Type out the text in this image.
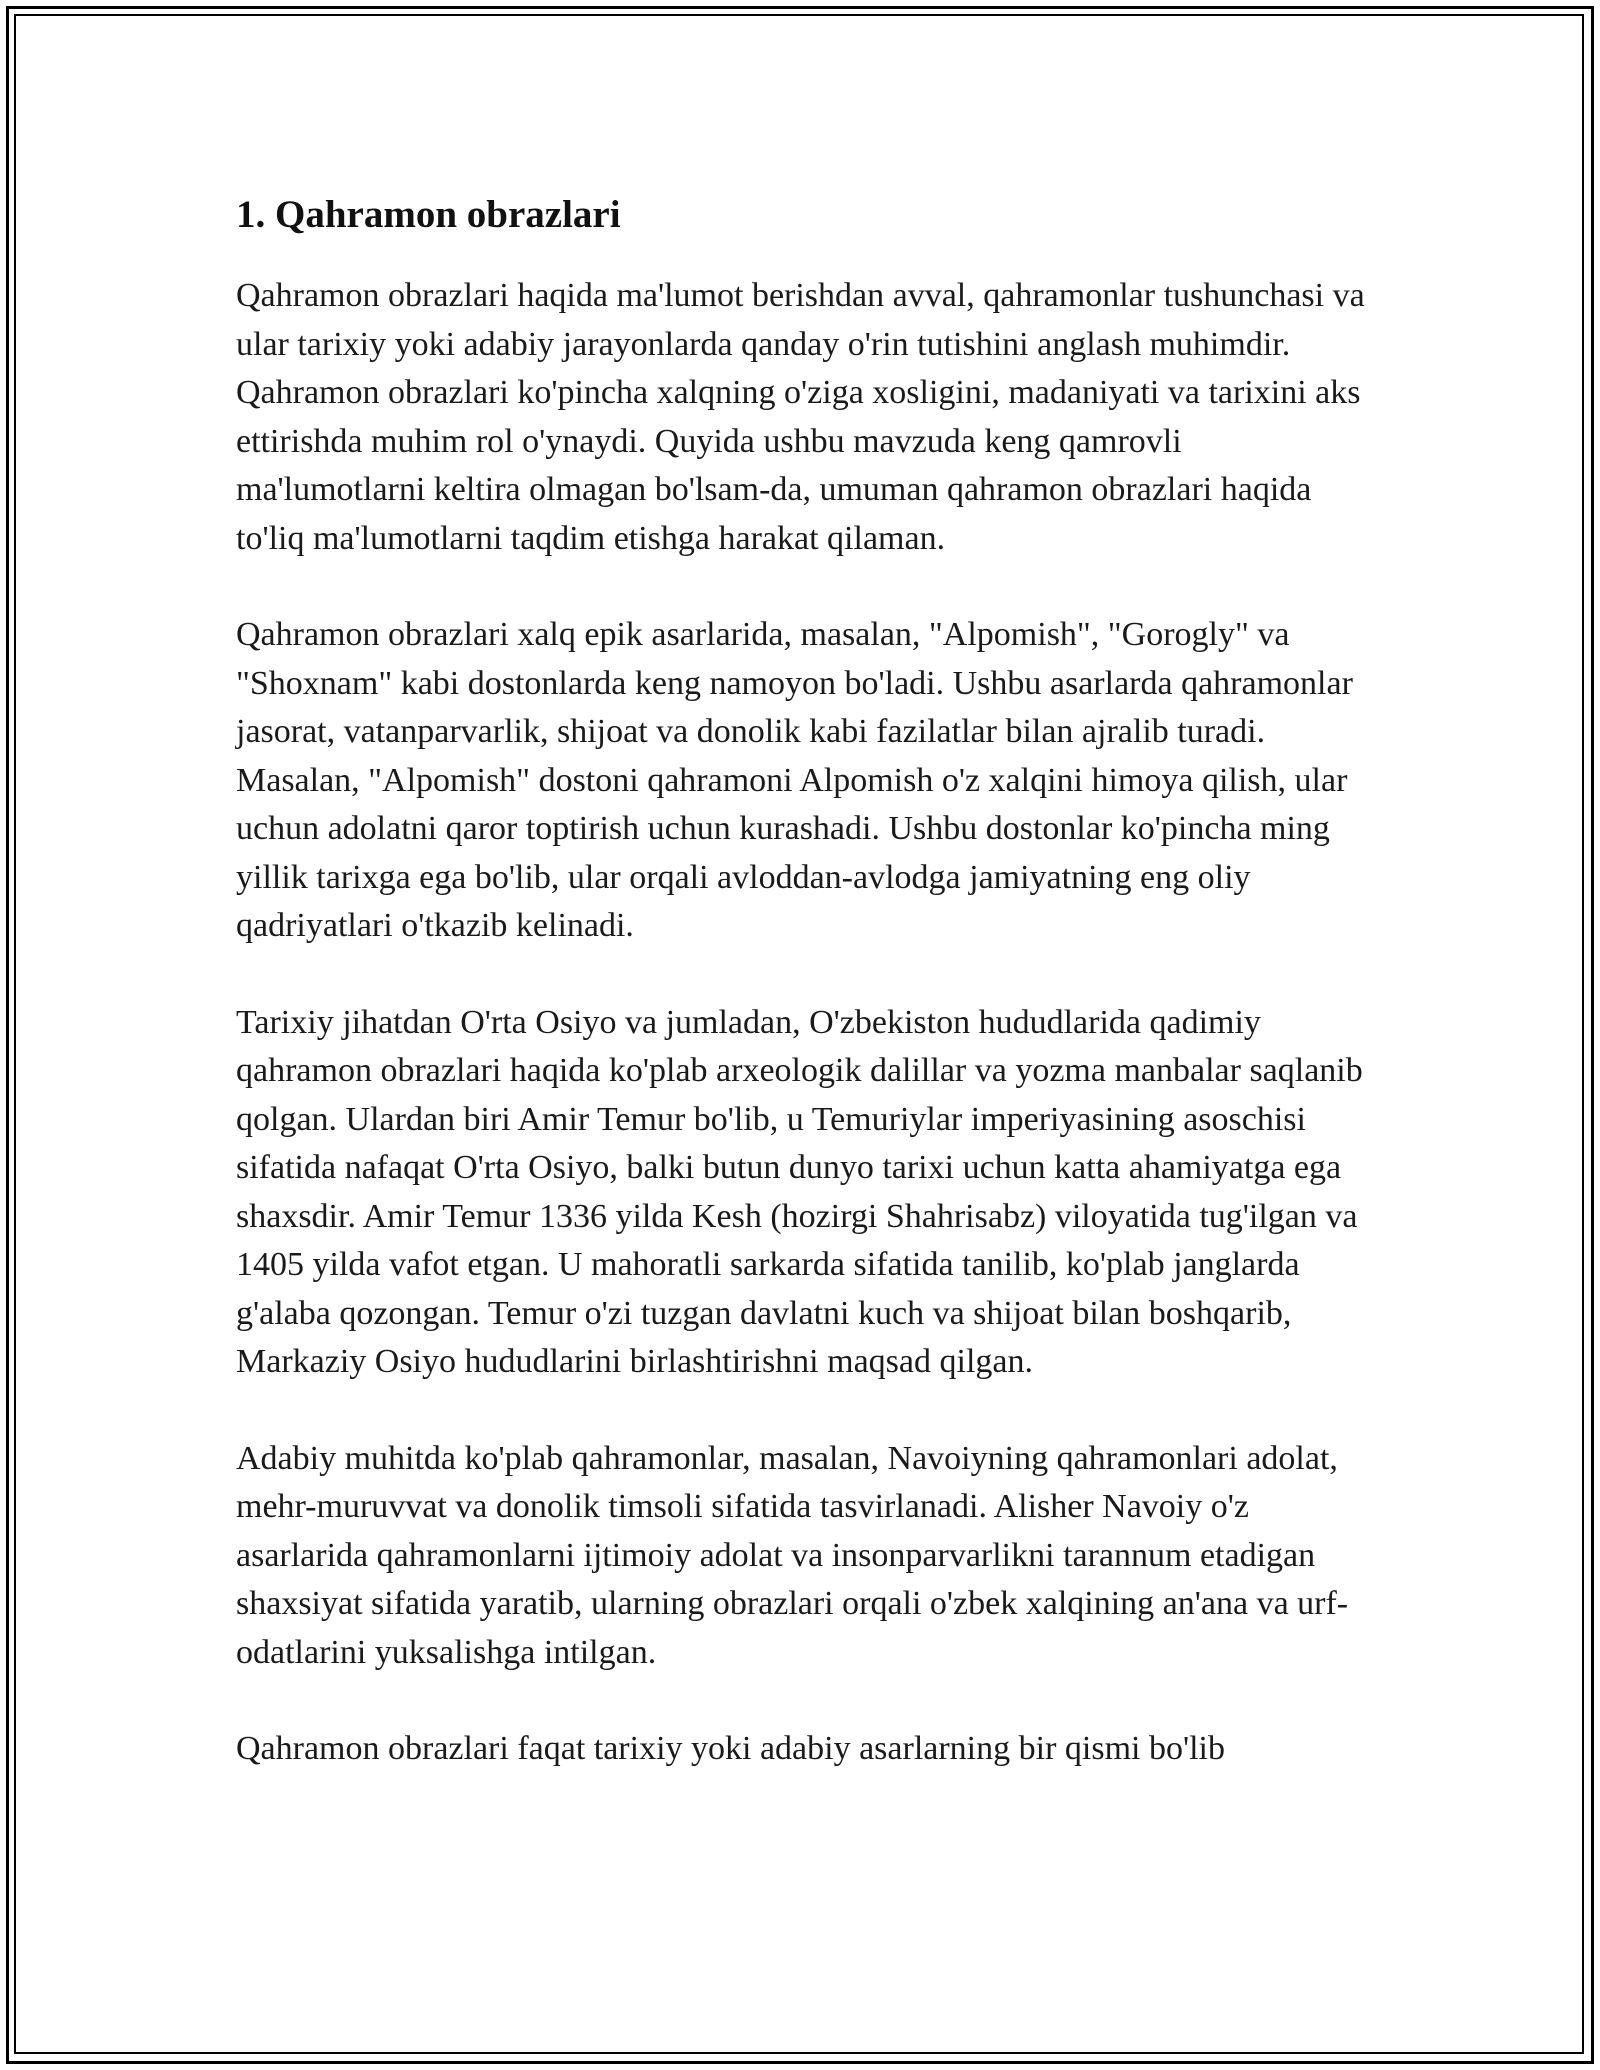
1. Qahramon obrazlari

Qahramon obrazlari haqida ma'lumot berishdan avval, qahramonlar tushunchasi va ular tarixiy yoki adabiy jarayonlarda qanday o'rin tutishini anglash muhimdir. Qahramon obrazlari ko'pincha xalqning o'ziga xosligini, madaniyati va tarixini aks ettirishda muhim rol o'ynaydi. Quyida ushbu mavzuda keng qamrovli ma'lumotlarni keltira olmagan bo'lsam-da, umuman qahramon obrazlari haqida to'liq ma'lumotlarni taqdim etishga harakat qilaman.

Qahramon obrazlari xalq epik asarlarida, masalan, "Alpomish", "Gorogly" va "Shoxnam" kabi dostonlarda keng namoyon bo'ladi. Ushbu asarlarda qahramonlar jasorat, vatanparvarlik, shijoat va donolik kabi fazilatlar bilan ajralib turadi. Masalan, "Alpomish" dostoni qahramoni Alpomish o'z xalqini himoya qilish, ular uchun adolatni qaror toptirish uchun kurashadi. Ushbu dostonlar ko'pincha ming yillik tarixga ega bo'lib, ular orqali avloddan-avlodga jamiyatning eng oliy qadriyatlari o'tkazib kelinadi.

Tarixiy jihatdan O'rta Osiyo va jumladan, O'zbekiston hududlarida qadimiy qahramon obrazlari haqida ko'plab arxeologik dalillar va yozma manbalar saqlanib qolgan. Ulardan biri Amir Temur bo'lib, u Temuriylar imperiyasining asoschisi sifatida nafaqat O'rta Osiyo, balki butun dunyo tarixi uchun katta ahamiyatga ega shaxsdir. Amir Temur 1336 yilda Kesh (hozirgi Shahrisabz) viloyatida tug'ilgan va 1405 yilda vafot etgan. U mahoratli sarkarda sifatida tanilib, ko'plab janglarda g'alaba qozongan. Temur o'zi tuzgan davlatni kuch va shijoat bilan boshqarib, Markaziy Osiyo hududlarini birlashtirishni maqsad qilgan.

Adabiy muhitda ko'plab qahramonlar, masalan, Navoiyning qahramonlari adolat, mehr-muruvvat va donolik timsoli sifatida tasvirlanadi. Alisher Navoiy o'z asarlarida qahramonlarni ijtimoiy adolat va insonparvarlikni tarannum etadigan shaxsiyat sifatida yaratib, ularning obrazlari orqali o'zbek xalqining an'ana va urf-odatlarini yuksalishga intilgan.

Qahramon obrazlari faqat tarixiy yoki adabiy asarlarning bir qismi bo'lib
